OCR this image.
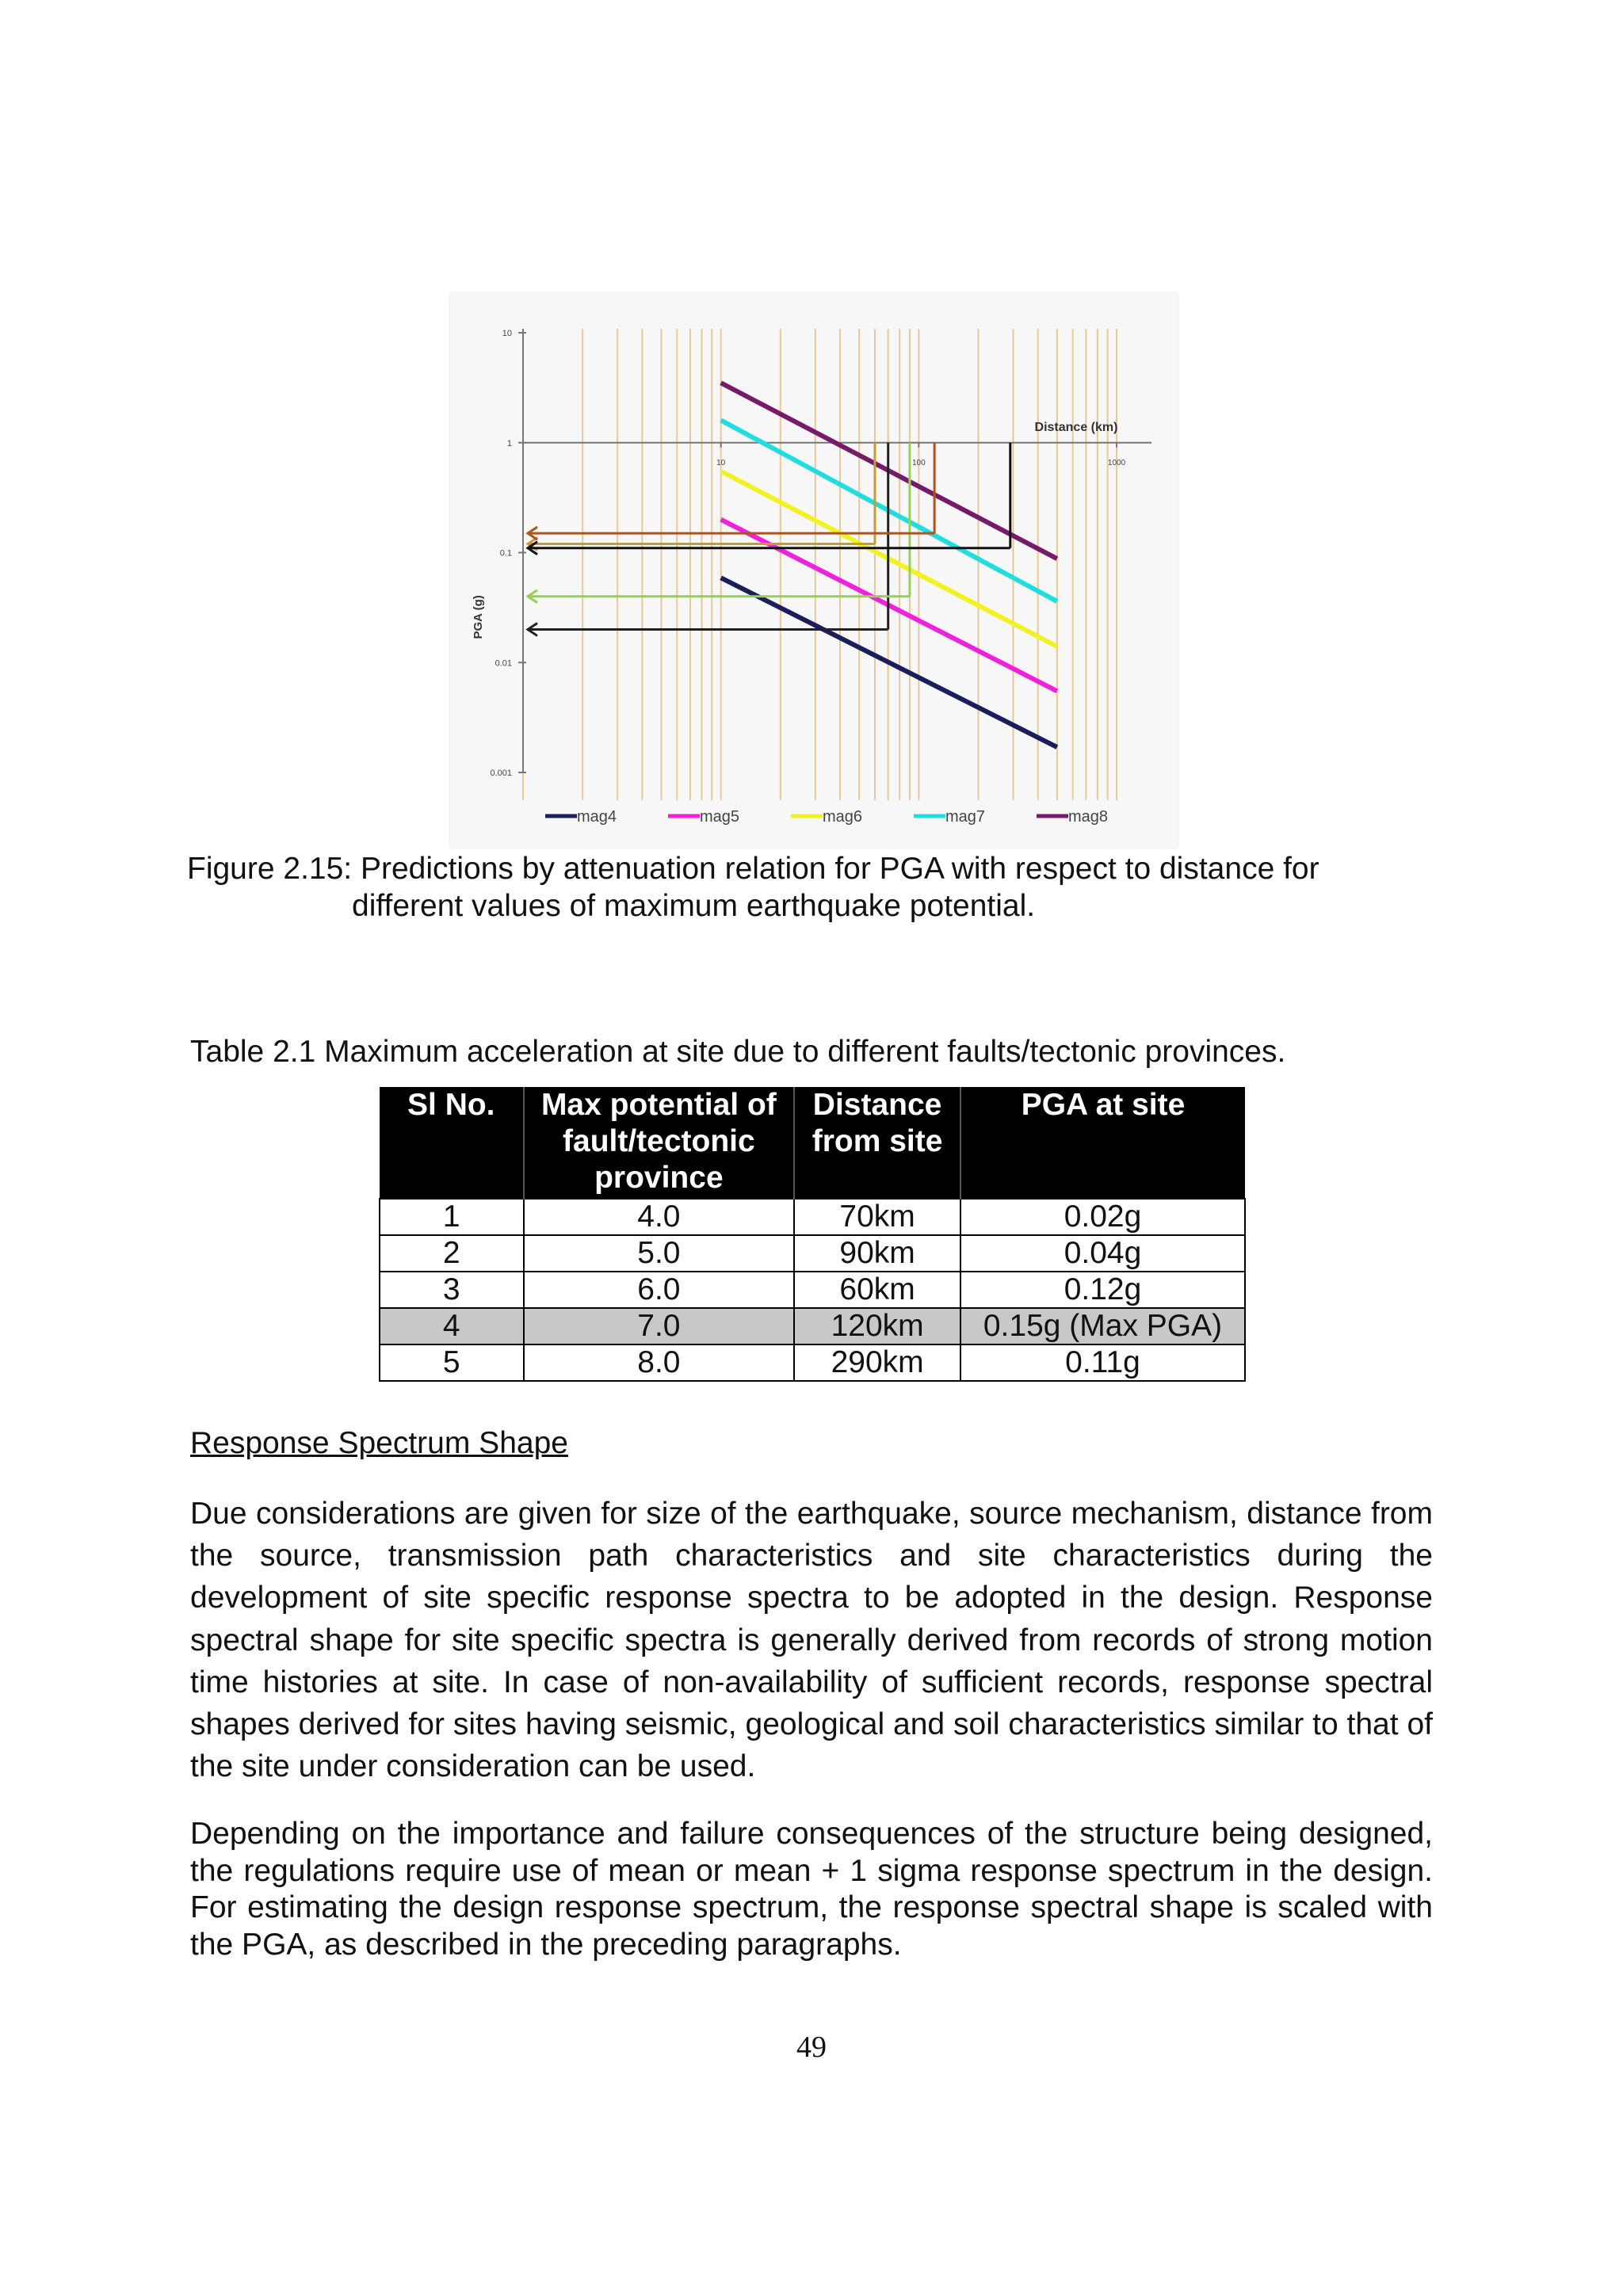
10
1
0.1
0.01
0.001
PGA (g)
10	100	1000
Distance (km)
mag4	mag5	mag6	mag7	mag8
Figure 2.15: Predictions by attenuation relation for PGA with respect to distance for
different values of maximum earthquake potential.
Table 2.1 Maximum acceleration at site due to different faults/tectonic provinces.
Sl No.	Max potential of fault/tectonic province	Distance from site	PGA at site
1	4.0	70km	0.02g
2	5.0	90km	0.04g
3	6.0	60km	0.12g
4	7.0	120km	0.15g (Max PGA)
5	8.0	290km	0.11g
Response Spectrum Shape

Due considerations are given for size of the earthquake, source mechanism, distance from the source, transmission path characteristics and site characteristics during the development of site specific response spectra to be adopted in the design. Response spectral shape for site specific spectra is generally derived from records of strong motion time histories at site. In case of non-availability of sufficient records, response spectral shapes derived for sites having seismic, geological and soil characteristics similar to that of the site under consideration can be used.

Depending on the importance and failure consequences of the structure being designed, the regulations require use of mean or mean + 1 sigma response spectrum in the design. For estimating the design response spectrum, the response spectral shape is scaled with the PGA, as described in the preceding paragraphs.

49
